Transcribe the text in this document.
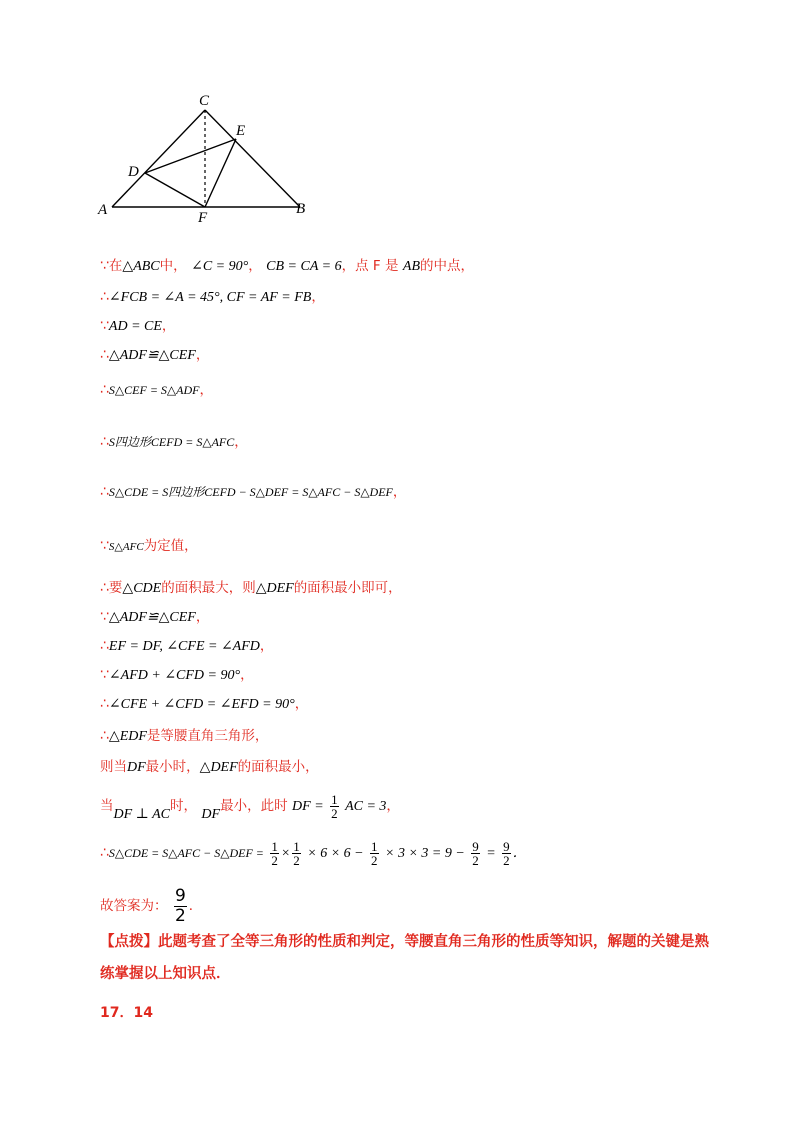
A	B
C
D
E
F
∵在△ABC中， ∠C = 90°， CB = CA = 6，点 F 是 AB的中点，
∴∠FCB = ∠A = 45°, CF = AF = FB，
∵AD = CE，
∴△ADF≌△CEF，
∴S△CEF = S△ADF，
∴S四边形CEFD = S△AFC，
∴S△CDE = S四边形CEFD − S△DEF = S△AFC − S△DEF，
∵S△AFC为定值，
∴要△CDE的面积最大，则△DEF的面积最小即可，
∵△ADF≌△CEF，
∴EF = DF, ∠CFE = ∠AFD，
∵∠AFD + ∠CFD = 90°，
∴∠CFE + ∠CFD = ∠EFD = 90°，
∴△EDF是等腰直角三角形，
则当DF最小时，△DEF的面积最小，
当DF ⊥ AC时， DF最小，此时 DF = $\frac{1}{2}$ AC = 3，
∴S△CDE = S△AFC − S△DEF = $\frac{1}{2} \times \frac{1}{2} \times 6 \times 6 - \frac{1}{2} \times 3 \times 3 = 9 - \frac{9}{2} = \frac{9}{2}$ ．
故答案为： $\frac{9}{2}$ ．
【点拨】此题考查了全等三角形的性质和判定，等腰直角三角形的性质等知识，解题的关键是熟练掌握以上知识点．
17．14
